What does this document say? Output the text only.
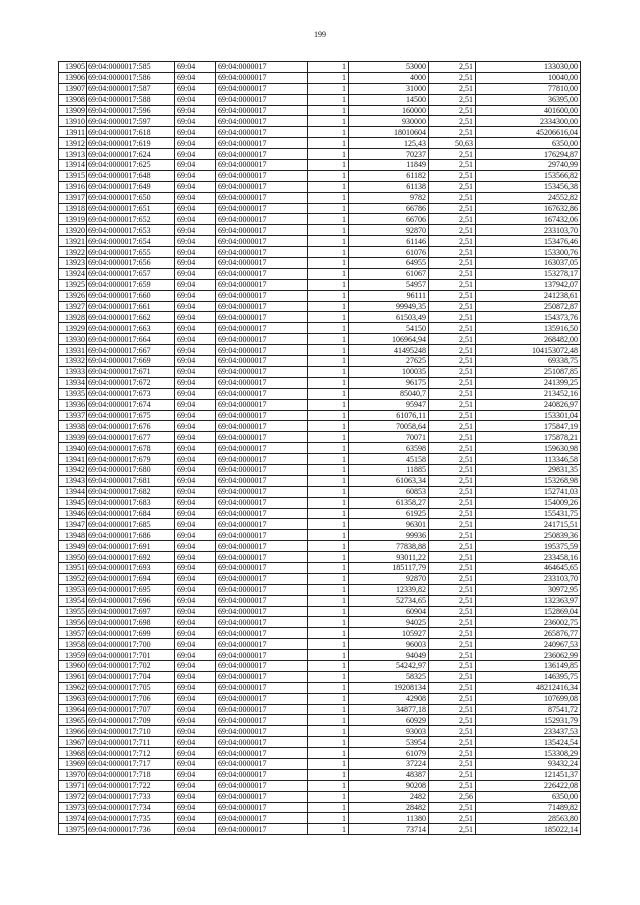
199
13905	69:04:0000017:585	69:04	69:04:0000017	1	53000	2,51	133030,00
13906	69:04:0000017:586	69:04	69:04:0000017	1	4000	2,51	10040,00
13907	69:04:0000017:587	69:04	69:04:0000017	1	31000	2,51	77810,00
13908	69:04:0000017:588	69:04	69:04:0000017	1	14500	2,51	36395,00
13909	69:04:0000017:596	69:04	69:04:0000017	1	160000	2,51	401600,00
13910	69:04:0000017:597	69:04	69:04:0000017	1	930000	2,51	2334300,00
13911	69:04:0000017:618	69:04	69:04:0000017	1	18010604	2,51	45206616,04
13912	69:04:0000017:619	69:04	69:04:0000017	1	125,43	50,63	6350,00
13913	69:04:0000017:624	69:04	69:04:0000017	1	70237	2,51	176294,87
13914	69:04:0000017:625	69:04	69:04:0000017	1	11849	2,51	29740,99
13915	69:04:0000017:648	69:04	69:04:0000017	1	61182	2,51	153566,82
13916	69:04:0000017:649	69:04	69:04:0000017	1	61138	2,51	153456,38
13917	69:04:0000017:650	69:04	69:04:0000017	1	9782	2,51	24552,82
13918	69:04:0000017:651	69:04	69:04:0000017	1	66786	2,51	167632,86
13919	69:04:0000017:652	69:04	69:04:0000017	1	66706	2,51	167432,06
13920	69:04:0000017:653	69:04	69:04:0000017	1	92870	2,51	233103,70
13921	69:04:0000017:654	69:04	69:04:0000017	1	61146	2,51	153476,46
13922	69:04:0000017:655	69:04	69:04:0000017	1	61076	2,51	153300,76
13923	69:04:0000017:656	69:04	69:04:0000017	1	64955	2,51	163037,05
13924	69:04:0000017:657	69:04	69:04:0000017	1	61067	2,51	153278,17
13925	69:04:0000017:659	69:04	69:04:0000017	1	54957	2,51	137942,07
13926	69:04:0000017:660	69:04	69:04:0000017	1	96111	2,51	241238,61
13927	69:04:0000017:661	69:04	69:04:0000017	1	99949,35	2,51	250872,87
13928	69:04:0000017:662	69:04	69:04:0000017	1	61503,49	2,51	154373,76
13929	69:04:0000017:663	69:04	69:04:0000017	1	54150	2,51	135916,50
13930	69:04:0000017:664	69:04	69:04:0000017	1	106964,94	2,51	268482,00
13931	69:04:0000017:667	69:04	69:04:0000017	1	41495248	2,51	104153072,48
13932	69:04:0000017:669	69:04	69:04:0000017	1	27625	2,51	69338,75
13933	69:04:0000017:671	69:04	69:04:0000017	1	100035	2,51	251087,85
13934	69:04:0000017:672	69:04	69:04:0000017	1	96175	2,51	241399,25
13935	69:04:0000017:673	69:04	69:04:0000017	1	85040,7	2,51	213452,16
13936	69:04:0000017:674	69:04	69:04:0000017	1	95947	2,51	240826,97
13937	69:04:0000017:675	69:04	69:04:0000017	1	61076,11	2,51	153301,04
13938	69:04:0000017:676	69:04	69:04:0000017	1	70058,64	2,51	175847,19
13939	69:04:0000017:677	69:04	69:04:0000017	1	70071	2,51	175878,21
13940	69:04:0000017:678	69:04	69:04:0000017	1	63598	2,51	159630,98
13941	69:04:0000017:679	69:04	69:04:0000017	1	45158	2,51	113346,58
13942	69:04:0000017:680	69:04	69:04:0000017	1	11885	2,51	29831,35
13943	69:04:0000017:681	69:04	69:04:0000017	1	61063,34	2,51	153268,98
13944	69:04:0000017:682	69:04	69:04:0000017	1	60853	2,51	152741,03
13945	69:04:0000017:683	69:04	69:04:0000017	1	61358,27	2,51	154009,26
13946	69:04:0000017:684	69:04	69:04:0000017	1	61925	2,51	155431,75
13947	69:04:0000017:685	69:04	69:04:0000017	1	96301	2,51	241715,51
13948	69:04:0000017:686	69:04	69:04:0000017	1	99936	2,51	250839,36
13949	69:04:0000017:691	69:04	69:04:0000017	1	77838,88	2,51	195375,59
13950	69:04:0000017:692	69:04	69:04:0000017	1	93011,22	2,51	233458,16
13951	69:04:0000017:693	69:04	69:04:0000017	1	185117,79	2,51	464645,65
13952	69:04:0000017:694	69:04	69:04:0000017	1	92870	2,51	233103,70
13953	69:04:0000017:695	69:04	69:04:0000017	1	12339,82	2,51	30972,95
13954	69:04:0000017:696	69:04	69:04:0000017	1	52734,65	2,51	132363,97
13955	69:04:0000017:697	69:04	69:04:0000017	1	60904	2,51	152869,04
13956	69:04:0000017:698	69:04	69:04:0000017	1	94025	2,51	236002,75
13957	69:04:0000017:699	69:04	69:04:0000017	1	105927	2,51	265876,77
13958	69:04:0000017:700	69:04	69:04:0000017	1	96003	2,51	240967,53
13959	69:04:0000017:701	69:04	69:04:0000017	1	94049	2,51	236062,99
13960	69:04:0000017:702	69:04	69:04:0000017	1	54242,97	2,51	136149,85
13961	69:04:0000017:704	69:04	69:04:0000017	1	58325	2,51	146395,75
13962	69:04:0000017:705	69:04	69:04:0000017	1	19208134	2,51	48212416,34
13963	69:04:0000017:706	69:04	69:04:0000017	1	42908	2,51	107699,08
13964	69:04:0000017:707	69:04	69:04:0000017	1	34877,18	2,51	87541,72
13965	69:04:0000017:709	69:04	69:04:0000017	1	60929	2,51	152931,79
13966	69:04:0000017:710	69:04	69:04:0000017	1	93003	2,51	233437,53
13967	69:04:0000017:711	69:04	69:04:0000017	1	53954	2,51	135424,54
13968	69:04:0000017:712	69:04	69:04:0000017	1	61079	2,51	153308,29
13969	69:04:0000017:717	69:04	69:04:0000017	1	37224	2,51	93432,24
13970	69:04:0000017:718	69:04	69:04:0000017	1	48387	2,51	121451,37
13971	69:04:0000017:722	69:04	69:04:0000017	1	90208	2,51	226422,08
13972	69:04:0000017:733	69:04	69:04:0000017	1	2482	2,56	6350,00
13973	69:04:0000017:734	69:04	69:04:0000017	1	28482	2,51	71489,82
13974	69:04:0000017:735	69:04	69:04:0000017	1	11380	2,51	28563,80
13975	69:04:0000017:736	69:04	69:04:0000017	1	73714	2,51	185022,14
